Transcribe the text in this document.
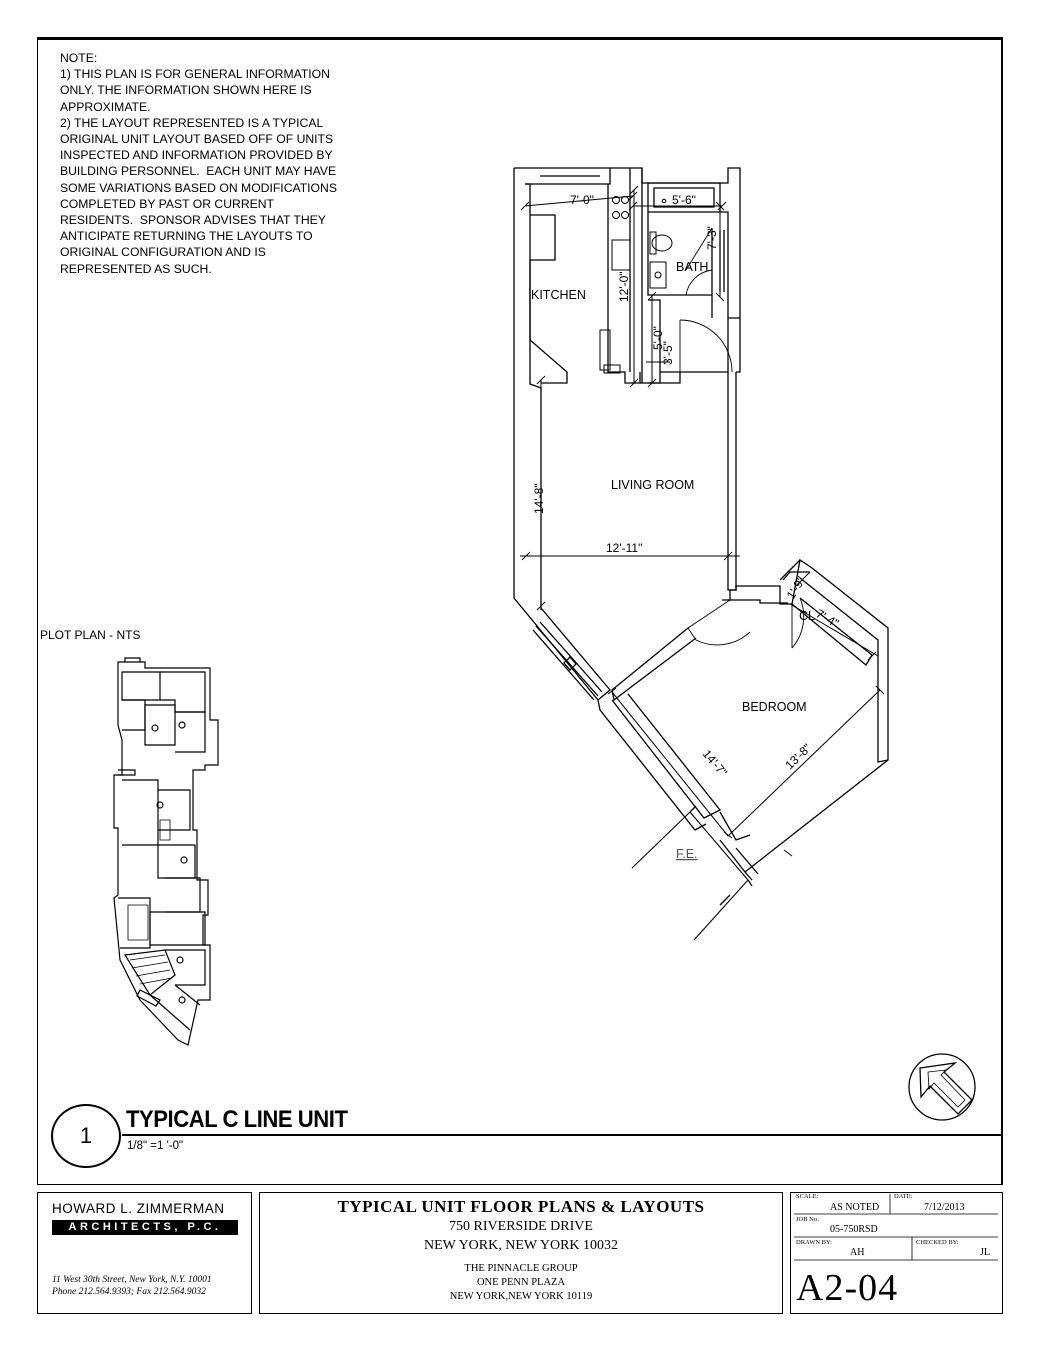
NOTE:
1) THIS PLAN IS FOR GENERAL INFORMATION
ONLY. THE INFORMATION SHOWN HERE IS
APPROXIMATE.
2) THE LAYOUT REPRESENTED IS A TYPICAL
ORIGINAL UNIT LAYOUT BASED OFF OF UNITS
INSPECTED AND INFORMATION PROVIDED BY
BUILDING PERSONNEL.  EACH UNIT MAY HAVE
SOME VARIATIONS BASED ON MODIFICATIONS
COMPLETED BY PAST OR CURRENT
RESIDENTS.  SPONSOR ADVISES THAT THEY
ANTICIPATE RETURNING THE LAYOUTS TO
ORIGINAL CONFIGURATION AND IS
REPRESENTED AS SUCH.
PLOT PLAN - NTS
KITCHEN
BATH
LIVING ROOM
BEDROOM
CL
F.E.
7'-0"	5'-6"
7'-3"
12'-0"
5'-0"
3'-5"
14'-8"
12'-11"
7'-4"
1'-9"
14'-7"	13'-8"
1
TYPICAL C LINE UNIT
1/8" =1 '-0"
HOWARD L. ZIMMERMAN
ARCHITECTS, P.C.
11 West 30th Street, New York, N.Y. 10001
Phone 212.564.9393; Fax 212.564.9032
TYPICAL UNIT FLOOR PLANS & LAYOUTS
750 RIVERSIDE DRIVE
NEW YORK, NEW YORK 10032
THE PINNACLE GROUP
ONE PENN PLAZA
NEW YORK,NEW YORK 10119
SCALE:
AS NOTED
DATE:
7/12/2013
JOB No:
05-750RSD
DRAWN BY:
AH
CHECKED BY:
JL
A2-04
